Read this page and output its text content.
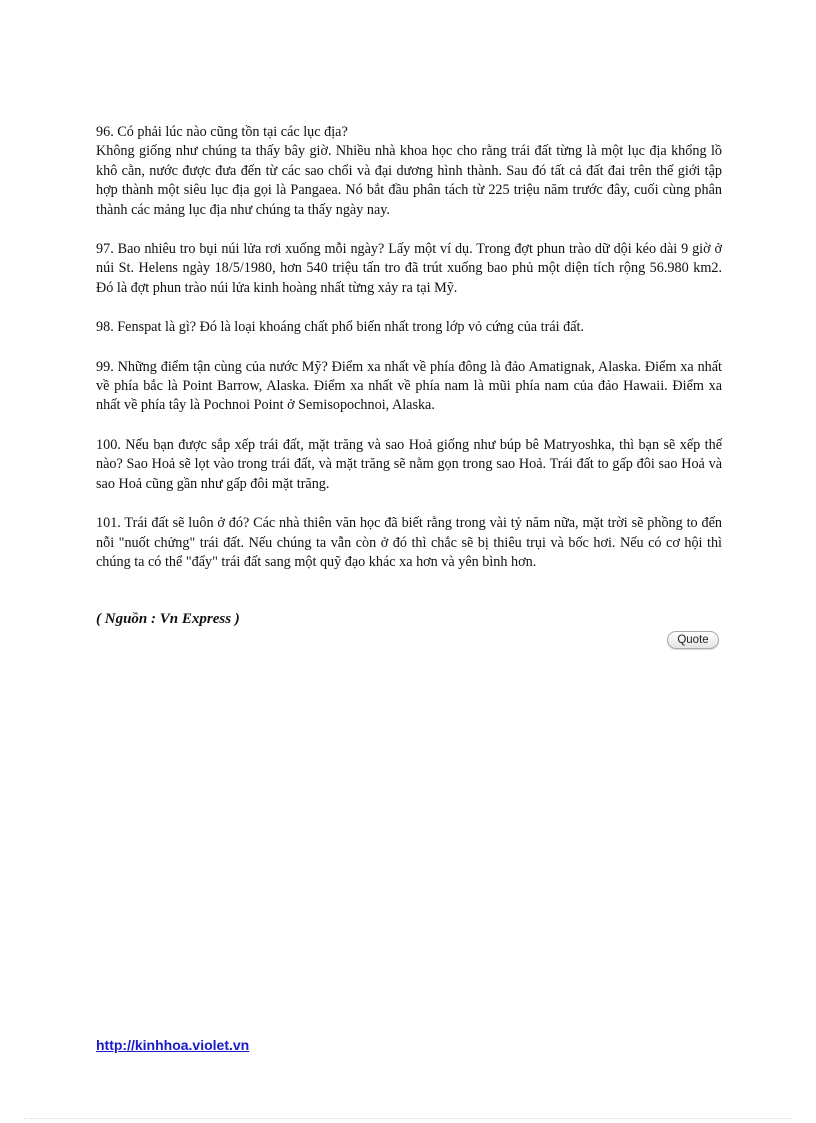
96. Có phải lúc nào cũng tồn tại các lục địa?
Không giống như chúng ta thấy bây giờ. Nhiều nhà khoa học cho rằng trái đất từng là một lục địa khổng lồ khô cằn, nước được đưa đến từ các sao chổi và đại dương hình thành. Sau đó tất cả đất đai trên thế giới tập hợp thành một siêu lục địa gọi là Pangaea. Nó bắt đầu phân tách từ 225 triệu năm trước đây, cuối cùng phân thành các mảng lục địa như chúng ta thấy ngày nay.

97. Bao nhiêu tro bụi núi lửa rơi xuống mỗi ngày? Lấy một ví dụ. Trong đợt phun trào dữ dội kéo dài 9 giờ ở núi St. Helens ngày 18/5/1980, hơn 540 triệu tấn tro đã trút xuống bao phủ một diện tích rộng 56.980 km2. Đó là đợt phun trào núi lửa kinh hoàng nhất từng xảy ra tại Mỹ.

98. Fenspat là gì? Đó là loại khoáng chất phổ biến nhất trong lớp vỏ cứng của trái đất.

99. Những điểm tận cùng của nước Mỹ? Điểm xa nhất về phía đông là đảo Amatignak, Alaska. Điểm xa nhất về phía bắc là Point Barrow, Alaska. Điểm xa nhất về phía nam là mũi phía nam của đảo Hawaii. Điểm xa nhất về phía tây là Pochnoi Point ở Semisopochnoi, Alaska.

100. Nếu bạn được sắp xếp trái đất, mặt trăng và sao Hoả giống như búp bê Matryoshka, thì bạn sẽ xếp thế nào? Sao Hoả sẽ lọt vào trong trái đất, và mặt trăng sẽ nằm gọn trong sao Hoả. Trái đất to gấp đôi sao Hoả và sao Hoả cũng gần như gấp đôi mặt trăng.

101. Trái đất sẽ luôn ở đó? Các nhà thiên văn học đã biết rằng trong vài tỷ năm nữa, mặt trời sẽ phồng to đến nỗi "nuốt chửng" trái đất. Nếu chúng ta vẫn còn ở đó thì chắc sẽ bị thiêu trụi và bốc hơi. Nếu có cơ hội thì chúng ta có thể "đẩy" trái đất sang một quỹ đạo khác xa hơn và yên bình hơn.

( Nguồn : Vn Express )
Quote
http://kinhhoa.violet.vn
